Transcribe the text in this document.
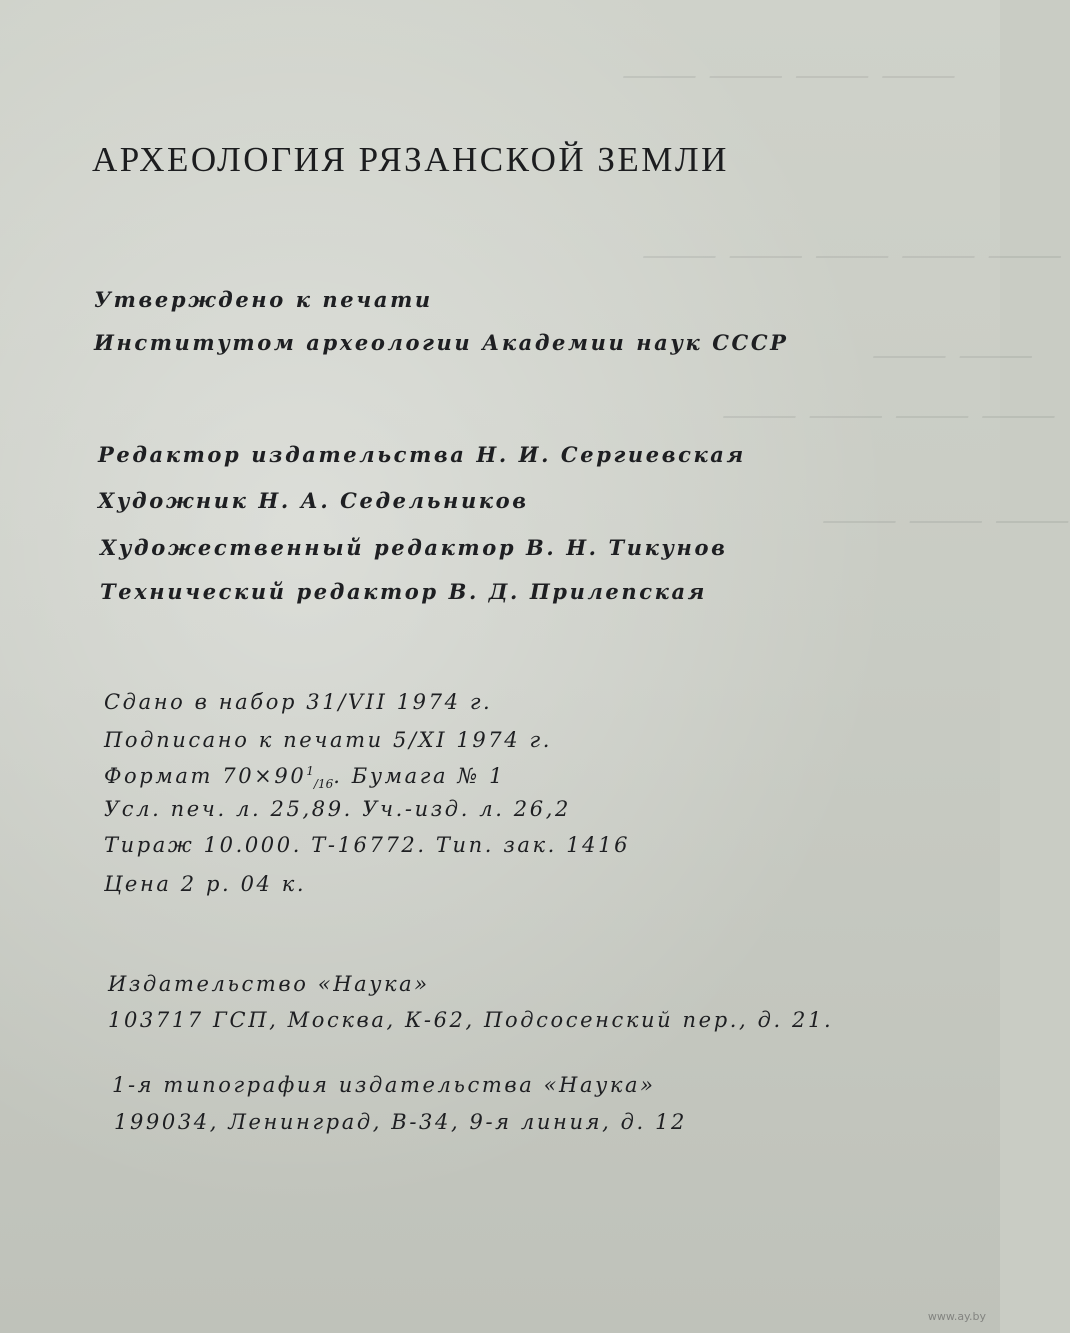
⸻ ⸻ ⸻ ⸻
⸻ ⸻ ⸻ ⸻ ⸻
⸻ ⸻
⸻ ⸻ ⸻ ⸻
⸻ ⸻ ⸻
АРХЕОЛОГИЯ РЯЗАНСКОЙ ЗЕМЛИ
Утверждено к печати
Институтом археологии Академии наук СССР
Редактор издательства Н. И. Сергиевская
Художник Н. А. Седельников
Художественный редактор В. Н. Тикунов
Технический редактор В. Д. Прилепская
Сдано в набор 31/VII 1974 г.
Подписано к печати 5/XI 1974 г.
Формат $70\times 90^1_{/16}$. Бумага № 1
Усл. печ. л. 25,89. Уч.-изд. л. 26,2
Тираж 10.000. Т-16772. Тип. зак. 1416
Цена 2 р. 04 к.
Издательство «Наука»
103717 ГСП, Москва, К-62, Подсосенский пер., д. 21.
1-я типография издательства «Наука»
199034, Ленинград, В-34, 9-я линия, д. 12
www.ay.by
